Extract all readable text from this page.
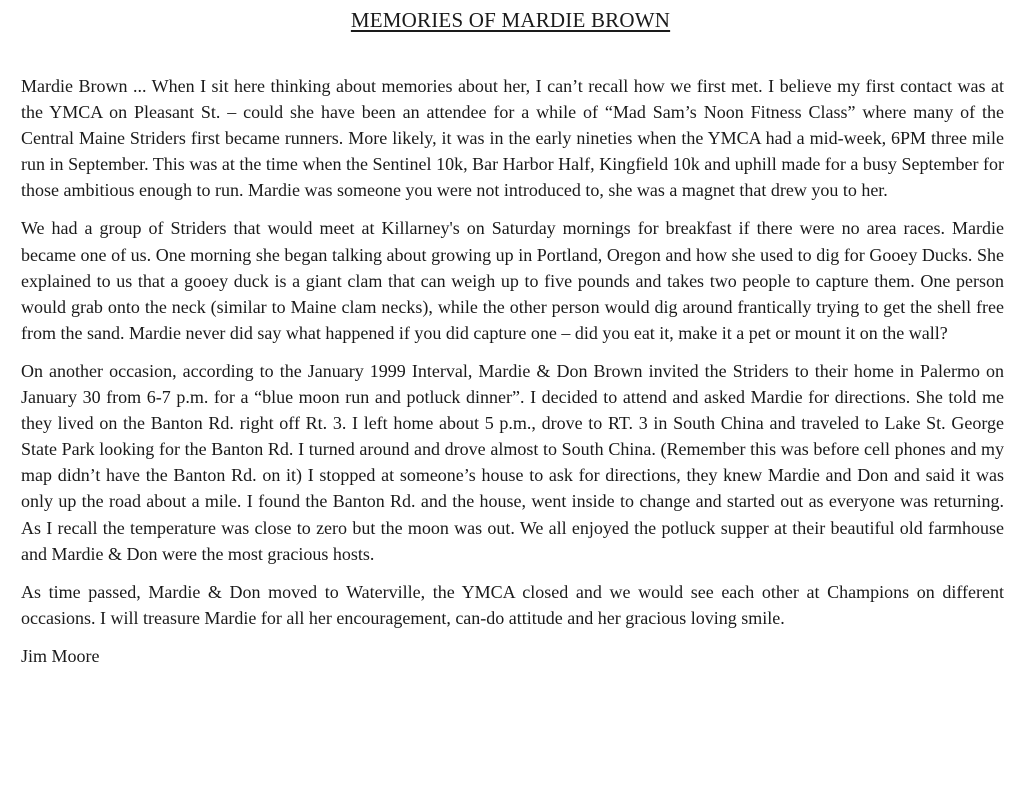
MEMORIES OF MARDIE BROWN

Mardie Brown ... When I sit here thinking about memories about her, I can’t recall how we first met. I believe my first contact was at the YMCA on Pleasant St. – could she have been an attendee for a while of “Mad Sam’s Noon Fitness Class” where many of the Central Maine Striders first became runners. More likely, it was in the early nineties when the YMCA had a mid-week, 6PM three mile run in September. This was at the time when the Sentinel 10k, Bar Harbor Half, Kingfield 10k and uphill made for a busy September for those ambitious enough to run. Mardie was someone you were not introduced to, she was a magnet that drew you to her.

We had a group of Striders that would meet at Killarney's on Saturday mornings for breakfast if there were no area races. Mardie became one of us. One morning she began talking about growing up in Portland, Oregon and how she used to dig for Gooey Ducks. She explained to us that a gooey duck is a giant clam that can weigh up to five pounds and takes two people to capture them. One person would grab onto the neck (similar to Maine clam necks), while the other person would dig around frantically trying to get the shell free from the sand. Mardie never did say what happened if you did capture one – did you eat it, make it a pet or mount it on the wall?

On another occasion, according to the January 1999 Interval, Mardie & Don Brown invited the Striders to their home in Palermo on January 30 from 6-7 p.m. for a “blue moon run and potluck dinner”. I decided to attend and asked Mardie for directions. She told me they lived on the Banton Rd. right off Rt. 3. I left home about 5 p.m., drove to RT. 3 in South China and traveled to Lake St. George State Park looking for the Banton Rd. I turned around and drove almost to South China. (Remember this was before cell phones and my map didn’t have the Banton Rd. on it) I stopped at someone’s house to ask for directions, they knew Mardie and Don and said it was only up the road about a mile. I found the Banton Rd. and the house, went inside to change and started out as everyone was returning. As I recall the temperature was close to zero but the moon was out. We all enjoyed the potluck supper at their beautiful old farmhouse and Mardie & Don were the most gracious hosts.

As time passed, Mardie & Don moved to Waterville, the YMCA closed and we would see each other at Champions on different occasions. I will treasure Mardie for all her encouragement, can-do attitude and her gracious loving smile.

Jim Moore
